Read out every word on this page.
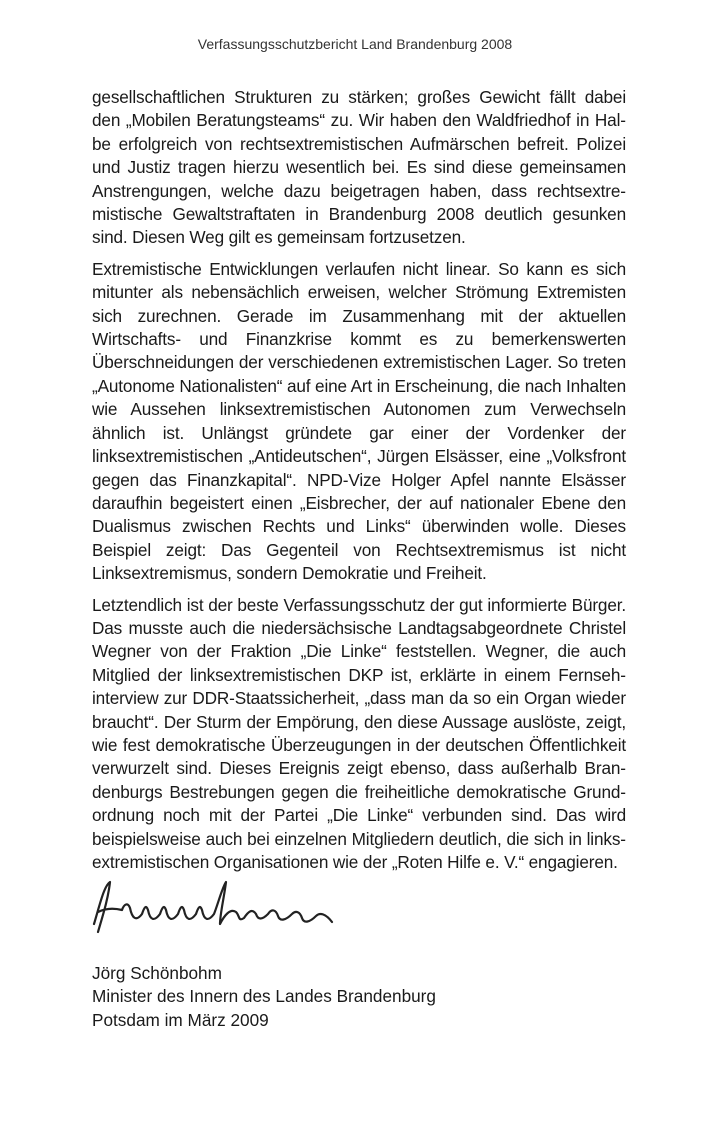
Verfassungsschutzbericht Land Brandenburg 2008

gesellschaftlichen Strukturen zu stärken; großes Gewicht fällt dabei den „Mobilen Beratungsteams“ zu. Wir haben den Waldfriedhof in Halbe erfolgreich von rechtsextremistischen Aufmärschen befreit. Polizei und Justiz tragen hierzu wesentlich bei. Es sind diese gemeinsamen Anstrengungen, welche dazu beigetragen haben, dass rechtsextremistische Gewaltstraftaten in Brandenburg 2008 deutlich gesunken sind. Diesen Weg gilt es gemeinsam fortzusetzen.

Extremistische Entwicklungen verlaufen nicht linear. So kann es sich mitunter als nebensächlich erweisen, welcher Strömung Extremisten sich zurechnen. Gerade im Zusammenhang mit der aktuellen Wirtschafts- und Finanzkrise kommt es zu bemerkenswerten Überschneidungen der verschiedenen extremistischen Lager. So treten „Autonome Nationalisten“ auf eine Art in Erscheinung, die nach Inhalten wie Aussehen linksextremistischen Autonomen zum Verwechseln ähnlich ist. Unlängst gründete gar einer der Vordenker der linksextremistischen „Antideutschen“, Jürgen Elsässer, eine „Volksfront gegen das Finanzkapital“. NPD-Vize Holger Apfel nannte Elsässer daraufhin begeistert einen „Eisbrecher, der auf nationaler Ebene den Dualismus zwischen Rechts und Links“ überwinden wolle. Dieses Beispiel zeigt: Das Gegenteil von Rechtsextremismus ist nicht Linksextremismus, sondern Demokratie und Freiheit.

Letztendlich ist der beste Verfassungsschutz der gut informierte Bürger. Das musste auch die niedersächsische Landtagsabgeordnete Christel Wegner von der Fraktion „Die Linke“ feststellen. Wegner, die auch Mitglied der linksextremistischen DKP ist, erklärte in einem Fernsehinterview zur DDR-Staatssicherheit, „dass man da so ein Organ wieder braucht“. Der Sturm der Empörung, den diese Aussage auslöste, zeigt, wie fest demokratische Überzeugungen in der deutschen Öffentlichkeit verwurzelt sind. Dieses Ereignis zeigt ebenso, dass außerhalb Brandenburgs Bestrebungen gegen die freiheitliche demokratische Grundordnung noch mit der Partei „Die Linke“ verbunden sind. Das wird beispielsweise auch bei einzelnen Mitgliedern deutlich, die sich in linksextremistischen Organisationen wie der „Roten Hilfe e. V.“ engagieren.

Jörg Schönbohm
Minister des Innern des Landes Brandenburg
Potsdam im März 2009
